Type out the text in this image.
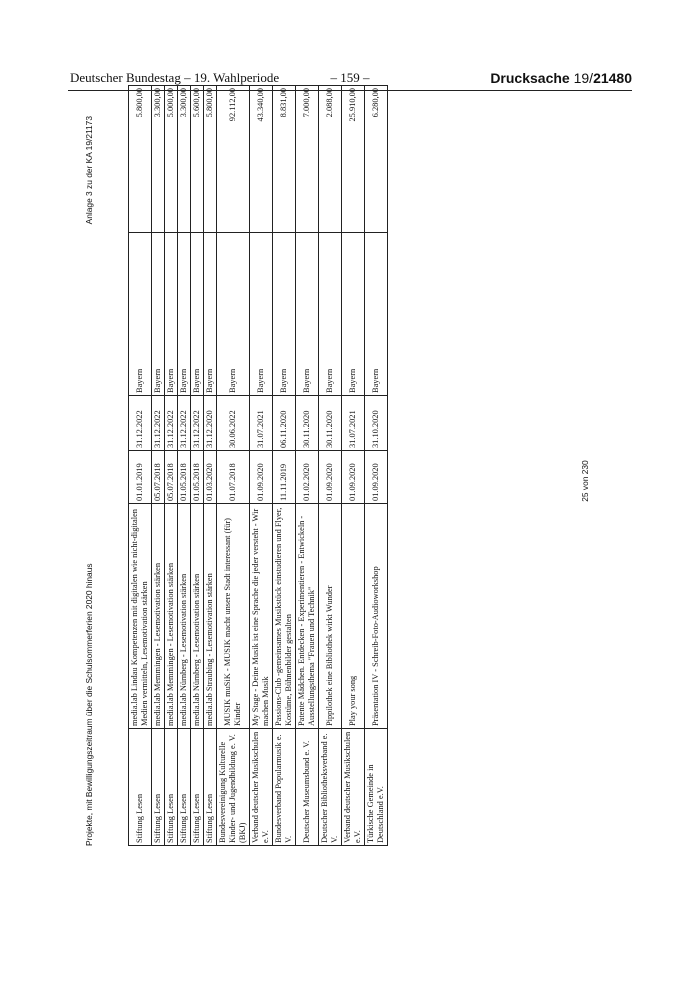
Deutscher Bundestag – 19. Wahlperiode	– 159 –	Drucksache 19/21480
Projekte, mit Bewilligungszeitraum über die Schulsommerferien 2020 hinaus
Anlage 3 zu der KA 19/21173
Stiftung Lesen	media.lab Lindau Kompetenzen mit digitalen wie nicht-digitalen Medien vermitteln, Lesemotivation stärken	01.01.2019	31.12.2022	Bayern	5.800,00
Stiftung Lesen	media.lab Memmingen - Lesemotivation stärken	05.07.2018	31.12.2022	Bayern	3.300,00
Stiftung Lesen	media.lab Memmingen - Lesemotivation stärken	05.07.2018	31.12.2022	Bayern	5.000,00
Stiftung Lesen	media.lab Nürnberg - Lesemotivation stärken	01.05.2018	31.12.2022	Bayern	3.300,00
Stiftung Lesen	media.lab Nürnberg - Lesemotivation stärken	01.05.2018	31.12.2022	Bayern	5.600,00
Stiftung Lesen	media.lab Straubing - Lesemotivation stärken	01.03.2020	31.12.2020	Bayern	5.800,00
Bundesvereinigung Kulturelle Kinder- und Jugendbildung e. V. (BKJ)	MUSIK muSiK - MUSIK macht unsere Stadt interessant (für) Kinder	01.07.2018	30.06.2022	Bayern	92.112,00
Verband deutscher Musikschulen e.V.	My Stage - Deine Musik ist eine Sprache die jeder versteht - Wir machen Musik	01.09.2020	31.07.2021	Bayern	43.340,00
Bundesverband Popularmusik e. V.	Passions-Club -gemeinsames Musikstück einstudieren und Flyer, Kostüme, Bühnenbilder gestalten	11.11.2019	06.11.2020	Bayern	8.831,00
Deutscher Museumsbund e. V.	Patente Mädchen. Entdecken - Experimentieren - Entwickeln - Ausstellungsthema "Frauen und Technik"	01.02.2020	30.11.2020	Bayern	7.000,00
Deutscher Bibliotheksverband e. V.	Pippilothek eine Bibliothek wirkt Wunder	01.09.2020	30.11.2020	Bayern	2.088,00
Verband deutscher Musikschulen e.V.	Play your song	01.09.2020	31.07.2021	Bayern	25.910,00
Türkische Gemeinde in Deutschland e.V.	Präsentation IV - Schreib-Foto-Audioworkshop	01.09.2020	31.10.2020	Bayern	6.280,00
25 von 230
